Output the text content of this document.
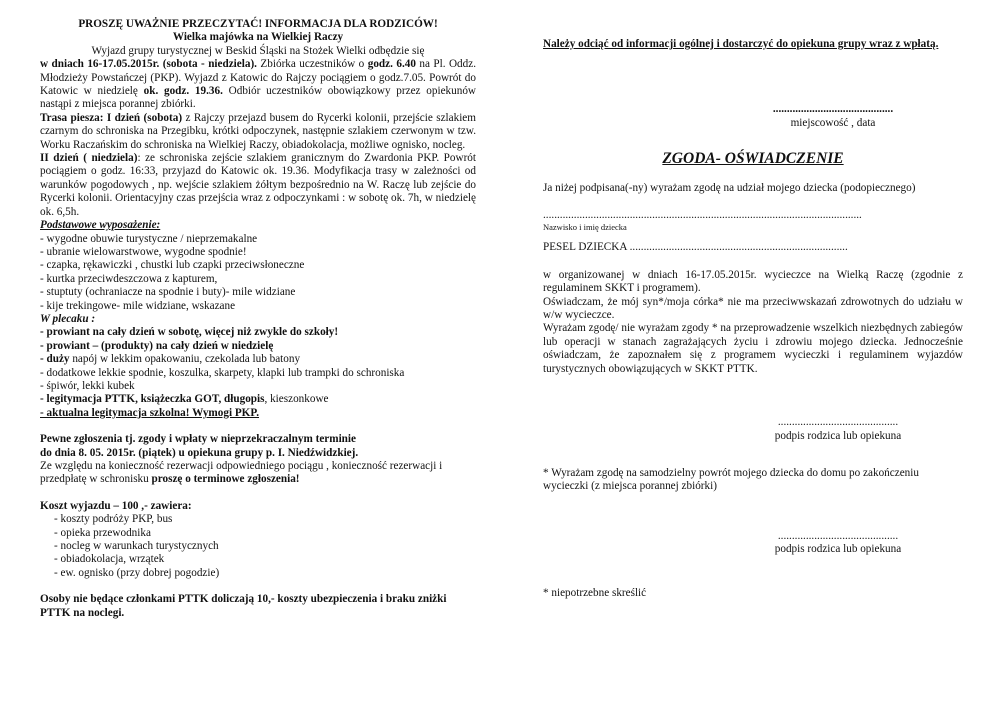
PROSZĘ UWAŻNIE PRZECZYTAĆ! INFORMACJA DLA RODZICÓW!

Wielka majówka na Wielkiej Raczy

Wyjazd grupy turystycznej w Beskid Śląski na Stożek Wielki odbędzie się

w dniach 16-17.05.2015r. (sobota - niedziela). Zbiórka uczestników o godz. 6.40 na Pl. Oddz. Młodzieży Powstańczej (PKP). Wyjazd z Katowic do Rajczy pociągiem o godz.7.05. Powrót do Katowic w niedzielę ok. godz. 19.36. Odbiór uczestników obowiązkowy przez opiekunów nastąpi z miejsca porannej zbiórki.

Trasa piesza: I dzień (sobota) z Rajczy przejazd busem do Rycerki kolonii, przejście szlakiem czarnym do schroniska na Przegibku, krótki odpoczynek, następnie szlakiem czerwonym w tzw. Worku Raczańskim do schroniska na Wielkiej Raczy, obiadokolacja, możliwe ognisko, nocleg.

II dzień ( niedziela): ze schroniska zejście szlakiem granicznym do Zwardonia PKP. Powrót pociągiem o godz. 16:33, przyjazd do Katowic ok. 19.36. Modyfikacja trasy w zależności od warunków pogodowych , np. wejście szlakiem żółtym bezpośrednio na W. Raczę lub zejście do Rycerki kolonii. Orientacyjny czas przejścia wraz z odpoczynkami : w sobotę ok. 7h, w niedzielę ok. 6,5h.

Podstawowe wyposażenie:

- wygodne obuwie turystyczne / nieprzemakalne

- ubranie wielowarstwowe, wygodne spodnie!

- czapka, rękawiczki , chustki lub czapki przeciwsłoneczne

- kurtka przeciwdeszczowa z kapturem,

- stuptuty (ochraniacze na spodnie i buty)- mile widziane

- kije trekingowe- mile widziane, wskazane

W plecaku :

- prowiant na cały dzień w sobotę, więcej niż zwykle do szkoły!

- prowiant – (produkty) na cały dzień w niedzielę

- duży napój w lekkim opakowaniu, czekolada lub batony

- dodatkowe lekkie spodnie, koszulka, skarpety, klapki lub trampki do schroniska

- śpiwór, lekki kubek

- legitymacja PTTK, książeczka GOT, długopis, kieszonkowe

- aktualna legitymacja szkolna! Wymogi PKP.

Pewne zgłoszenia tj. zgody i wpłaty w nieprzekraczalnym terminie

do dnia 8. 05. 2015r. (piątek) u opiekuna grupy p. I. Niedźwidzkiej.

Ze względu na konieczność rezerwacji odpowiedniego pociągu , konieczność rezerwacji i przedpłatę w schronisku proszę o terminowe zgłoszenia!

Koszt wyjazdu – 100 ,- zawiera:

- koszty podróży PKP, bus

- opieka przewodnika

- nocleg w warunkach turystycznych

- obiadokolacja, wrzątek

- ew. ognisko (przy dobrej pogodzie)

Osoby nie będące członkami PTTK doliczają 10,- koszty ubezpieczenia i braku zniżki PTTK na noclegi.

Należy odciąć od informacji ogólnej i dostarczyć do opiekuna grupy wraz z wpłatą.

...........................................

miejscowość , data

ZGODA- OŚWIADCZENIE

Ja niżej podpisana(-ny) wyrażam zgodę na udział mojego dziecka (podopiecznego)

..................................................................................................................

Nazwisko i imię dziecka

PESEL DZIECKA ..............................................................................

w organizowanej w dniach 16-17.05.2015r. wycieczce na Wielką Raczę (zgodnie z regulaminem SKKT i programem).

Oświadczam, że mój syn*/moja córka* nie ma przeciwwskazań zdrowotnych do udziału w w/w wycieczce.

Wyrażam zgodę/ nie wyrażam zgody * na przeprowadzenie wszelkich niezbędnych zabiegów lub operacji w stanach zagrażających życiu i zdrowiu mojego dziecka. Jednocześnie oświadczam, że zapoznałem się z programem wycieczki i regulaminem wyjazdów turystycznych obowiązujących w SKKT PTTK.

...........................................

podpis rodzica lub opiekuna

* Wyrażam zgodę na samodzielny powrót mojego dziecka do domu po zakończeniu wycieczki (z miejsca porannej zbiórki)

...........................................

podpis rodzica lub opiekuna

* niepotrzebne skreślić
